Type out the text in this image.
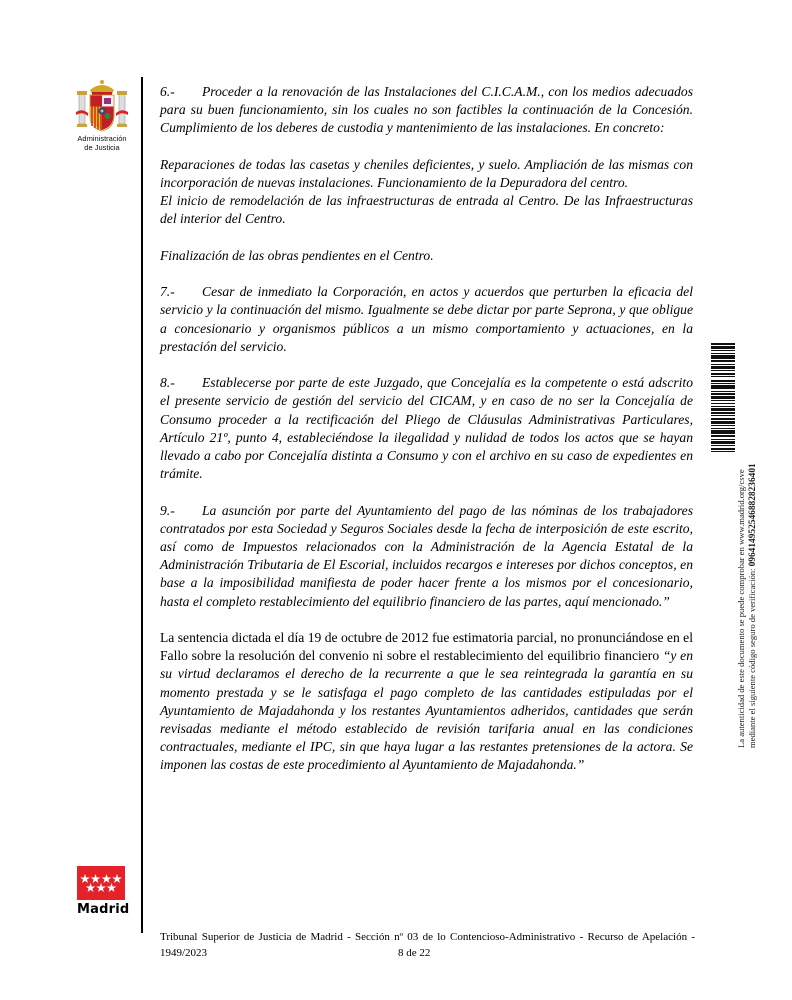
Administración
de Justicia

6.- Proceder a la renovación de las Instalaciones del C.I.C.A.M., con los medios adecuados para su buen funcionamiento, sin los cuales no son factibles la continuación de la Concesión. Cumplimiento de los deberes de custodia y mantenimiento de las instalaciones. En concreto:

Reparaciones de todas las casetas y cheniles deficientes, y suelo. Ampliación de las mismas con incorporación de nuevas instalaciones. Funcionamiento de la Depuradora del centro.

El inicio de remodelación de las infraestructuras de entrada al Centro. De las Infraestructuras del interior del Centro.

Finalización de las obras pendientes en el Centro.

7.- Cesar de inmediato la Corporación, en actos y acuerdos que perturben la eficacia del servicio y la continuación del mismo. Igualmente se debe dictar por parte Seprona, y que obligue a concesionario y organismos públicos a un mismo comportamiento y actuaciones, en la prestación del servicio.

8.- Establecerse por parte de este Juzgado, que Concejalía es la competente o está adscrito el presente servicio de gestión del servicio del CICAM, y en caso de no ser la Concejalía de Consumo proceder a la rectificación del Pliego de Cláusulas Administrativas Particulares, Artículo 21º, punto 4, estableciéndose la ilegalidad y nulidad de todos los actos que se hayan llevado a cabo por Concejalía distinta a Consumo y con el archivo en su caso de expedientes en trámite.

9.- La asunción por parte del Ayuntamiento del pago de las nóminas de los trabajadores contratados por esta Sociedad y Seguros Sociales desde la fecha de interposición de este escrito, así como de Impuestos relacionados con la Administración de la Agencia Estatal de la Administración Tributaria de El Escorial, incluidos recargos e intereses por dichos conceptos, en base a la imposibilidad manifiesta de poder hacer frente a los mismos por el concesionario, hasta el completo restablecimiento del equilibrio financiero de las partes, aquí mencionado.”

La sentencia dictada el día 19 de octubre de 2012 fue estimatoria parcial, no pronunciándose en el Fallo sobre la resolución del convenio ni sobre el restablecimiento del equilibrio financiero “y en su virtud declaramos el derecho de la recurrente a que le sea reintegrada la garantía en su momento prestada y se le satisfaga el pago completo de las cantidades estipuladas por el Ayuntamiento de Majadahonda y los restantes Ayuntamientos adheridos, cantidades que serán revisadas mediante el método establecido de revisión tarifaria anual en las condiciones contractuales, mediante el IPC, sin que haya lugar a las restantes pretensiones de la actora. Se imponen las costas de este procedimiento al Ayuntamiento de Majadahonda.”

Madrid
Tribunal Superior de Justicia de Madrid - Sección nº 03 de lo Contencioso-Administrativo - Recurso de Apelación -
1949/2023	8 de 22
La autenticidad de este documento se puede comprobar en www.madrid.org/csve mediante el siguiente código seguro de verificación: 0964149525468828236401
